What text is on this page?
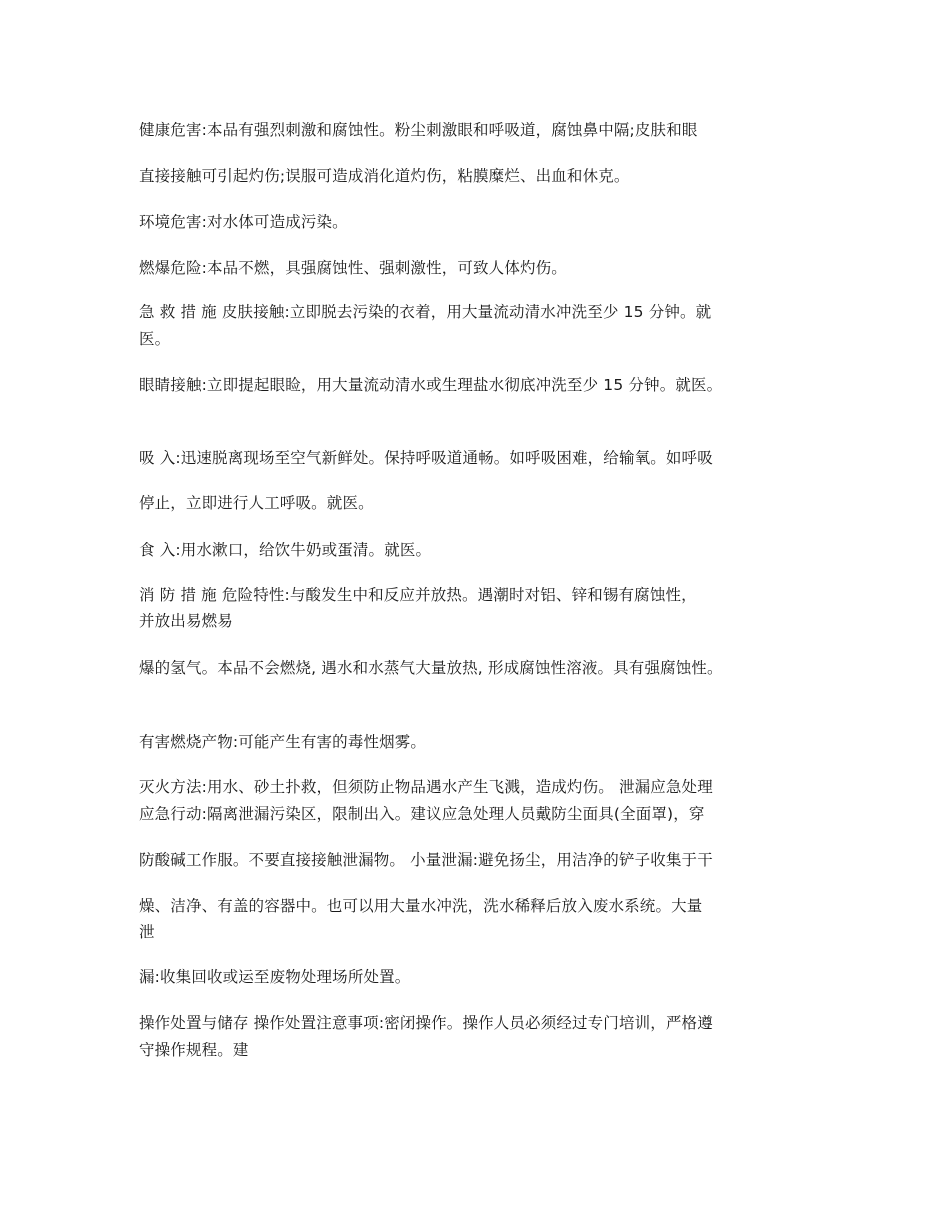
健康危害:本品有强烈刺激和腐蚀性。粉尘刺激眼和呼吸道，腐蚀鼻中隔;皮肤和眼
直接接触可引起灼伤;误服可造成消化道灼伤，粘膜糜烂、出血和休克。
环境危害:对水体可造成污染。
燃爆危险:本品不燃，具强腐蚀性、强刺激性，可致人体灼伤。
急 救 措 施 皮肤接触:立即脱去污染的衣着，用大量流动清水冲洗至少 15 分钟。就
医。
眼睛接触:立即提起眼睑，用大量流动清水或生理盐水彻底冲洗至少 15 分钟。就医。
吸 入:迅速脱离现场至空气新鲜处。保持呼吸道通畅。如呼吸困难，给输氧。如呼吸
停止，立即进行人工呼吸。就医。
食 入:用水漱口，给饮牛奶或蛋清。就医。
消 防 措 施 危险特性:与酸发生中和反应并放热。遇潮时对铝、锌和锡有腐蚀性，
并放出易燃易
爆的氢气。本品不会燃烧, 遇水和水蒸气大量放热, 形成腐蚀性溶液。具有强腐蚀性。
有害燃烧产物:可能产生有害的毒性烟雾。
灭火方法:用水、砂土扑救，但须防止物品遇水产生飞溅，造成灼伤。 泄漏应急处理
应急行动:隔离泄漏污染区，限制出入。建议应急处理人员戴防尘面具(全面罩)，穿
防酸碱工作服。不要直接接触泄漏物。 小量泄漏:避免扬尘，用洁净的铲子收集于干
燥、洁净、有盖的容器中。也可以用大量水冲洗，洗水稀释后放入废水系统。大量
泄
漏:收集回收或运至废物处理场所处置。
操作处置与储存 操作处置注意事项:密闭操作。操作人员必须经过专门培训，严格遵
守操作规程。建
